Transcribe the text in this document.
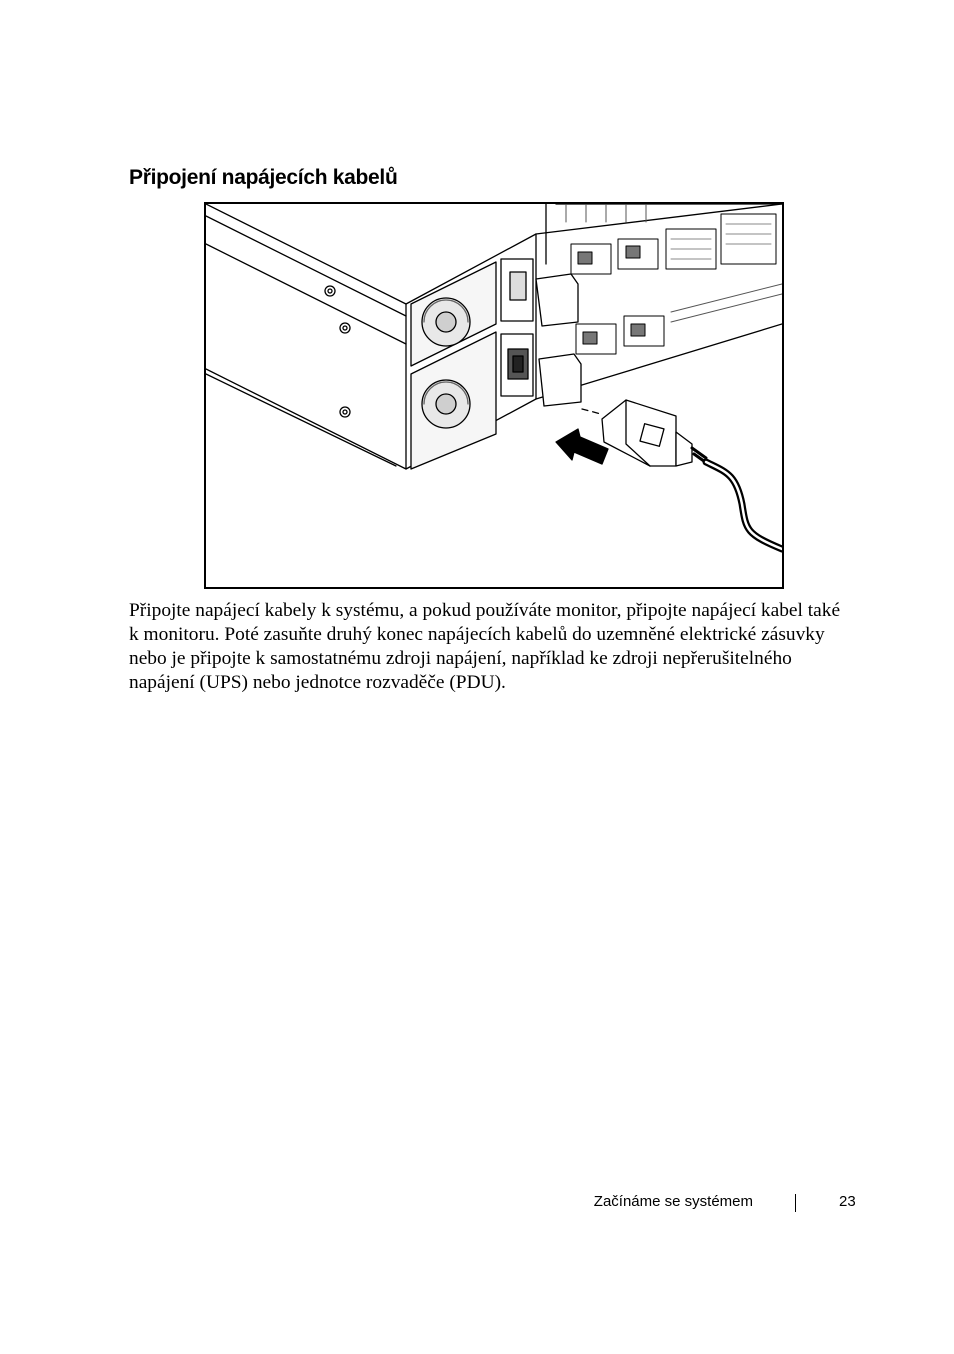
Připojení napájecích kabelů

Připojte napájecí kabely k systému, a pokud používáte monitor, připojte napájecí kabel také k monitoru. Poté zasuňte druhý konec napájecích kabelů do uzemněné elektrické zásuvky nebo je připojte k samostatnému zdroji napájení, například ke zdroji nepřerušitelného napájení (UPS) nebo jednotce rozvaděče (PDU).

Začínáme se systémem	23
